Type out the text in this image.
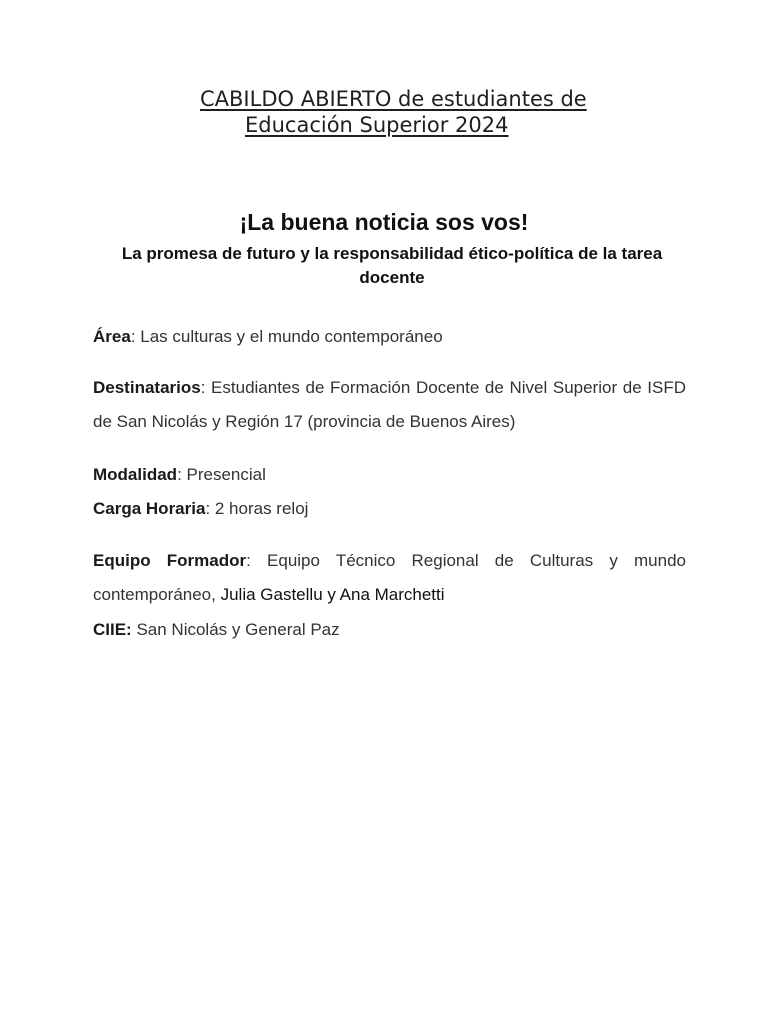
CABILDO ABIERTO de estudiantes de
Educación Superior 2024
¡La buena noticia sos vos!
La promesa de futuro y la responsabilidad ético-política de la tarea docente
Área: Las culturas y el mundo contemporáneo
Destinatarios: Estudiantes de Formación Docente de Nivel Superior de ISFD de San Nicolás y Región 17 (provincia de Buenos Aires)
Modalidad: Presencial
Carga Horaria: 2 horas reloj
Equipo Formador: Equipo Técnico Regional de Culturas y mundo contemporáneo, Julia Gastellu y Ana Marchetti
CIIE: San Nicolás y General Paz
